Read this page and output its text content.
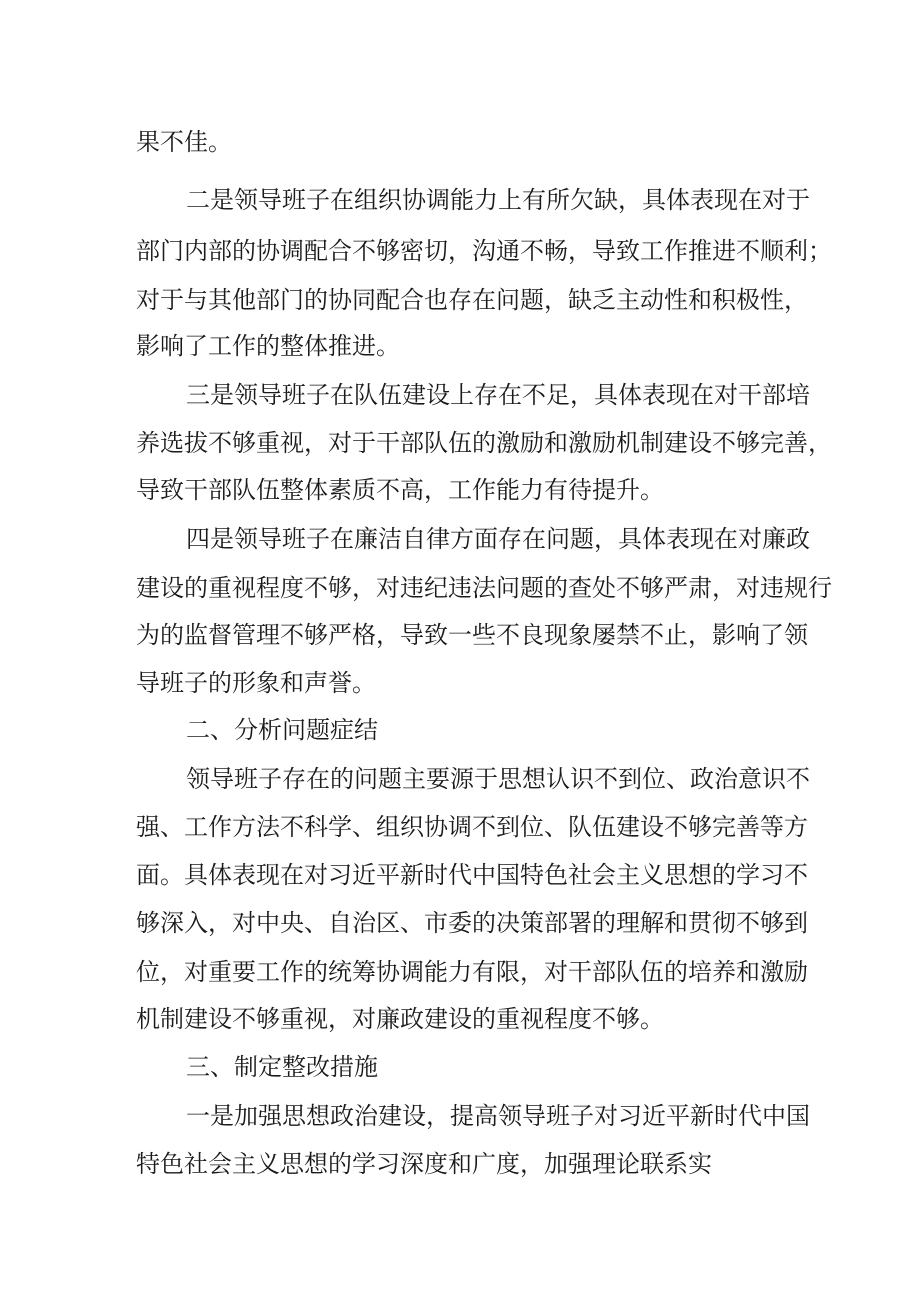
果不佳。

二是领导班子在组织协调能力上有所欠缺，具体表现在对于

部门内部的协调配合不够密切，沟通不畅，导致工作推进不顺利；

对于与其他部门的协同配合也存在问题，缺乏主动性和积极性，

影响了工作的整体推进。

三是领导班子在队伍建设上存在不足，具体表现在对干部培

养选拔不够重视，对于干部队伍的激励和激励机制建设不够完善，

导致干部队伍整体素质不高，工作能力有待提升。

四是领导班子在廉洁自律方面存在问题，具体表现在对廉政

建设的重视程度不够，对违纪违法问题的查处不够严肃，对违规行

为的监督管理不够严格，导致一些不良现象屡禁不止，影响了领

导班子的形象和声誉。

二、分析问题症结

领导班子存在的问题主要源于思想认识不到位、政治意识不

强、工作方法不科学、组织协调不到位、队伍建设不够完善等方

面。具体表现在对习近平新时代中国特色社会主义思想的学习不

够深入，对中央、自治区、市委的决策部署的理解和贯彻不够到

位，对重要工作的统筹协调能力有限，对干部队伍的培养和激励

机制建设不够重视，对廉政建设的重视程度不够。

三、制定整改措施

一是加强思想政治建设，提高领导班子对习近平新时代中国

特色社会主义思想的学习深度和广度，加强理论联系实
